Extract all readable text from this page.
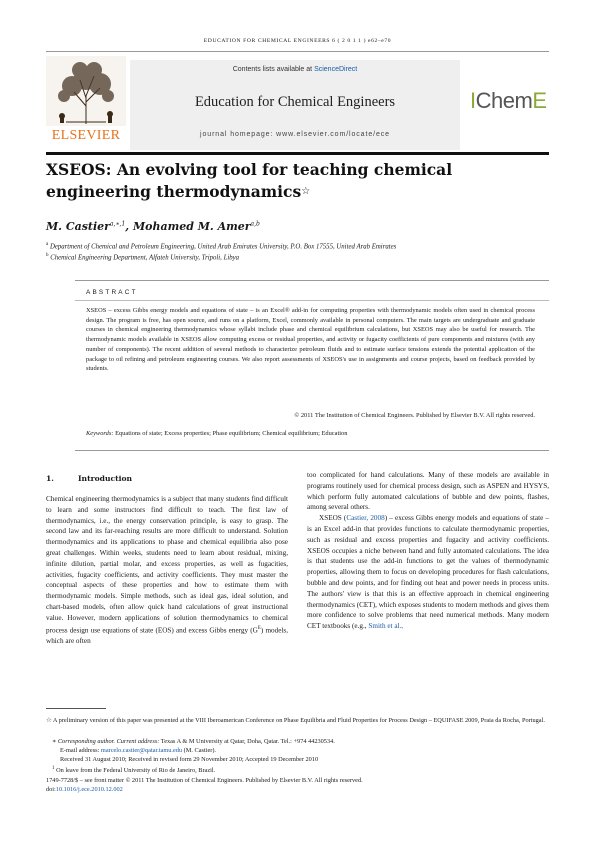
EDUCATION FOR CHEMICAL ENGINEERS 6 ( 2 0 1 1 ) e62–e70
ELSEVIER
Contents lists available at ScienceDirect
Education for Chemical Engineers
journal homepage: www.elsevier.com/locate/ece
IChemE
XSEOS: An evolving tool for teaching chemical engineering thermodynamics☆
M. Castier$^{a,∗,1}$, Mohamed M. Amer$^{a,b}$
$^a$ Department of Chemical and Petroleum Engineering, United Arab Emirates University, P.O. Box 17555, United Arab Emirates
$^b$ Chemical Engineering Department, Alfateh University, Tripoli, Libya
ABSTRACT

XSEOS – excess Gibbs energy models and equations of state – is an Excel® add-in for computing properties with thermodynamic models often used in chemical process design. The program is free, has open source, and runs on a platform, Excel, commonly available in personal computers. The main targets are undergraduate and graduate courses in chemical engineering thermodynamics whose syllabi include phase and chemical equilibrium calculations, but XSEOS may also be useful for research. The thermodynamic models available in XSEOS allow computing excess or residual properties, and activity or fugacity coefficients of pure components and mixtures (with any number of components). The recent addition of several methods to characterize petroleum fluids and to estimate surface tensions extends the potential application of the package to oil refining and petroleum engineering courses. We also report assessments of XSEOS's use in assignments and course projects, based on feedback provided by students.

© 2011 The Institution of Chemical Engineers. Published by Elsevier B.V. All rights reserved.
Keywords: Equations of state; Excess properties; Phase equilibrium; Chemical equilibrium; Education
1.	Introduction

Chemical engineering thermodynamics is a subject that many students find difficult to learn and some instructors find difficult to teach. The first law of thermodynamics, i.e., the energy conservation principle, is easy to grasp. The second law and its far-reaching results are more difficult to understand. Solution thermodynamics and its applications to phase and chemical equilibria also pose great challenges. Within weeks, students need to learn about residual, mixing, infinite dilution, partial molar, and excess properties, as well as fugacities, activities, fugacity coefficients, and activity coefficients. They must master the conceptual aspects of these properties and how to estimate them with thermodynamic models. Simple methods, such as ideal gas, ideal solution, and chart-based models, often allow quick hand calculations of great instructional value. However, modern applications of solution thermodynamics to chemical process design use equations of state (EOS) and excess Gibbs energy $(G^E)$ models, which are often

too complicated for hand calculations. Many of these models are available in programs routinely used for chemical process design, such as ASPEN and HYSYS, which perform fully automated calculations of bubble and dew points, flashes, among several others.

XSEOS (Castier, 2008) – excess Gibbs energy models and equations of state – is an Excel add-in that provides functions to calculate thermodynamic properties, such as residual and excess properties and fugacity and activity coefficients. XSEOS occupies a niche between hand and fully automated calculations. The idea is that students use the add-in functions to get the values of thermodynamic properties, allowing them to focus on developing procedures for flash calculations, bubble and dew points, and for finding out heat and power needs in process units. The authors' view is that this is an effective approach in chemical engineering thermodynamics (CET), which exposes students to modern methods and gives them more confidence to solve problems that need numerical methods. Many modern CET textbooks (e.g., Smith et al.,

☆ A preliminary version of this paper was presented at the VIII Iberoamerican Conference on Phase Equilibria and Fluid Properties for Process Design – EQUIFASE 2009, Praia da Rocha, Portugal.
∗ Corresponding author. Current address: Texas A & M University at Qatar, Doha, Qatar. Tel.: +974 44230534.
E-mail address: marcelo.castier@qatar.tamu.edu (M. Castier).
Received 31 August 2010; Received in revised form 29 November 2010; Accepted 19 December 2010
$^1$ On leave from the Federal University of Rio de Janeiro, Brazil.
1749-7728/$ – see front matter © 2011 The Institution of Chemical Engineers. Published by Elsevier B.V. All rights reserved.
doi:10.1016/j.ece.2010.12.002
